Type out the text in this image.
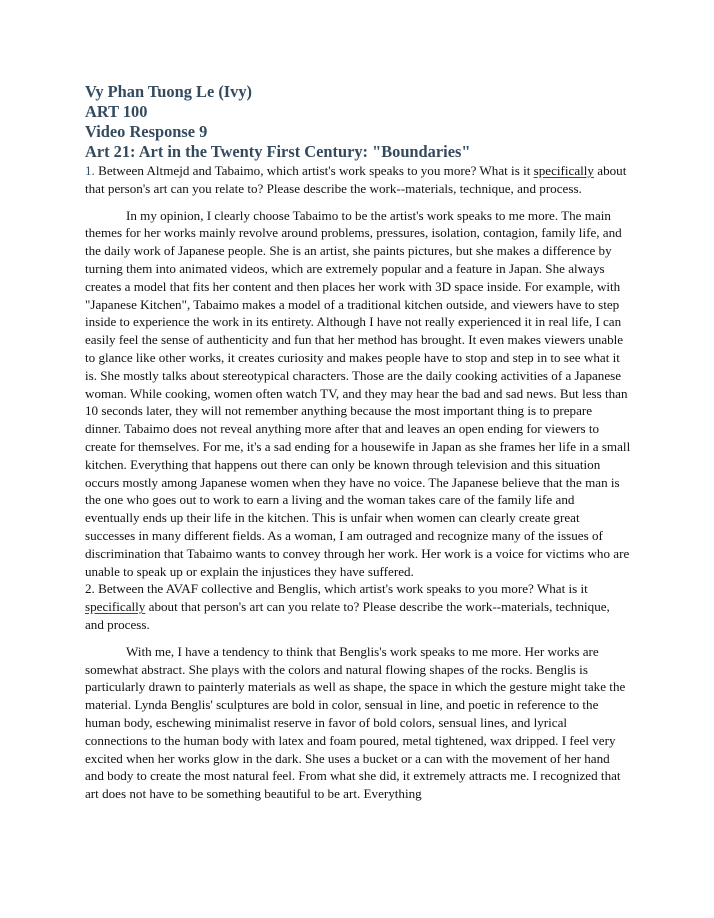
Vy Phan Tuong Le (Ivy)
ART 100
Video Response 9
Art 21: Art in the Twenty First Century: "Boundaries"

1. Between Altmejd and Tabaimo, which artist's work speaks to you more? What is it specifically about that person's art can you relate to? Please describe the work--materials, technique, and process.

In my opinion, I clearly choose Tabaimo to be the artist's work speaks to me more. The main themes for her works mainly revolve around problems, pressures, isolation, contagion, family life, and the daily work of Japanese people. She is an artist, she paints pictures, but she makes a difference by turning them into animated videos, which are extremely popular and a feature in Japan. She always creates a model that fits her content and then places her work with 3D space inside. For example, with "Japanese Kitchen", Tabaimo makes a model of a traditional kitchen outside, and viewers have to step inside to experience the work in its entirety. Although I have not really experienced it in real life, I can easily feel the sense of authenticity and fun that her method has brought. It even makes viewers unable to glance like other works, it creates curiosity and makes people have to stop and step in to see what it is. She mostly talks about stereotypical characters. Those are the daily cooking activities of a Japanese woman. While cooking, women often watch TV, and they may hear the bad and sad news. But less than 10 seconds later, they will not remember anything because the most important thing is to prepare dinner. Tabaimo does not reveal anything more after that and leaves an open ending for viewers to create for themselves. For me, it's a sad ending for a housewife in Japan as she frames her life in a small kitchen. Everything that happens out there can only be known through television and this situation occurs mostly among Japanese women when they have no voice. The Japanese believe that the man is the one who goes out to work to earn a living and the woman takes care of the family life and eventually ends up their life in the kitchen. This is unfair when women can clearly create great successes in many different fields. As a woman, I am outraged and recognize many of the issues of discrimination that Tabaimo wants to convey through her work. Her work is a voice for victims who are unable to speak up or explain the injustices they have suffered.

2. Between the AVAF collective and Benglis, which artist's work speaks to you more? What is it specifically about that person's art can you relate to? Please describe the work--materials, technique, and process.

With me, I have a tendency to think that Benglis's work speaks to me more. Her works are somewhat abstract. She plays with the colors and natural flowing shapes of the rocks. Benglis is particularly drawn to painterly materials as well as shape, the space in which the gesture might take the material. Lynda Benglis' sculptures are bold in color, sensual in line, and poetic in reference to the human body, eschewing minimalist reserve in favor of bold colors, sensual lines, and lyrical connections to the human body with latex and foam poured, metal tightened, wax dripped. I feel very excited when her works glow in the dark. She uses a bucket or a can with the movement of her hand and body to create the most natural feel. From what she did, it extremely attracts me. I recognized that art does not have to be something beautiful to be art. Everything
